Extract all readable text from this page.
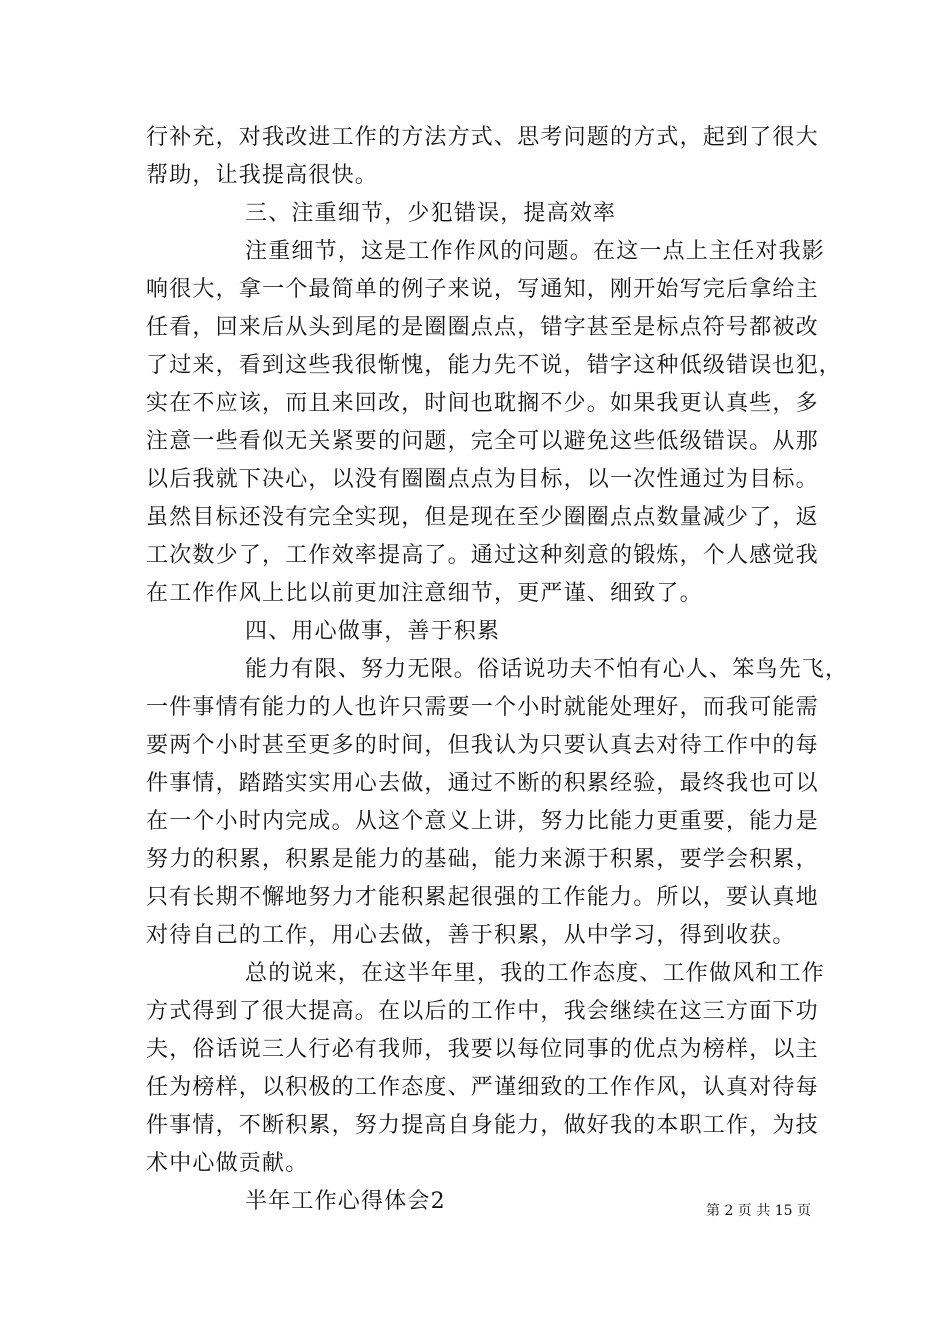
行补充，对我改进工作的方法方式、思考问题的方式，起到了很大
帮助，让我提高很快。
三、注重细节，少犯错误，提高效率
注重细节，这是工作作风的问题。在这一点上主任对我影
响很大，拿一个最简单的例子来说，写通知，刚开始写完后拿给主
任看，回来后从头到尾的是圈圈点点，错字甚至是标点符号都被改
了过来，看到这些我很惭愧，能力先不说，错字这种低级错误也犯，
实在不应该，而且来回改，时间也耽搁不少。如果我更认真些，多
注意一些看似无关紧要的问题，完全可以避免这些低级错误。从那
以后我就下决心，以没有圈圈点点为目标，以一次性通过为目标。
虽然目标还没有完全实现，但是现在至少圈圈点点数量减少了，返
工次数少了，工作效率提高了。通过这种刻意的锻炼，个人感觉我
在工作作风上比以前更加注意细节，更严谨、细致了。
四、用心做事，善于积累
能力有限、努力无限。俗话说功夫不怕有心人、笨鸟先飞，
一件事情有能力的人也许只需要一个小时就能处理好，而我可能需
要两个小时甚至更多的时间，但我认为只要认真去对待工作中的每
件事情，踏踏实实用心去做，通过不断的积累经验，最终我也可以
在一个小时内完成。从这个意义上讲，努力比能力更重要，能力是
努力的积累，积累是能力的基础，能力来源于积累，要学会积累，
只有长期不懈地努力才能积累起很强的工作能力。所以，要认真地
对待自己的工作，用心去做，善于积累，从中学习，得到收获。
总的说来，在这半年里，我的工作态度、工作做风和工作
方式得到了很大提高。在以后的工作中，我会继续在这三方面下功
夫，俗话说三人行必有我师，我要以每位同事的优点为榜样，以主
任为榜样，以积极的工作态度、严谨细致的工作作风，认真对待每
件事情，不断积累，努力提高自身能力，做好我的本职工作，为技
术中心做贡献。
半年工作心得体会2	第 2 页 共 15 页
